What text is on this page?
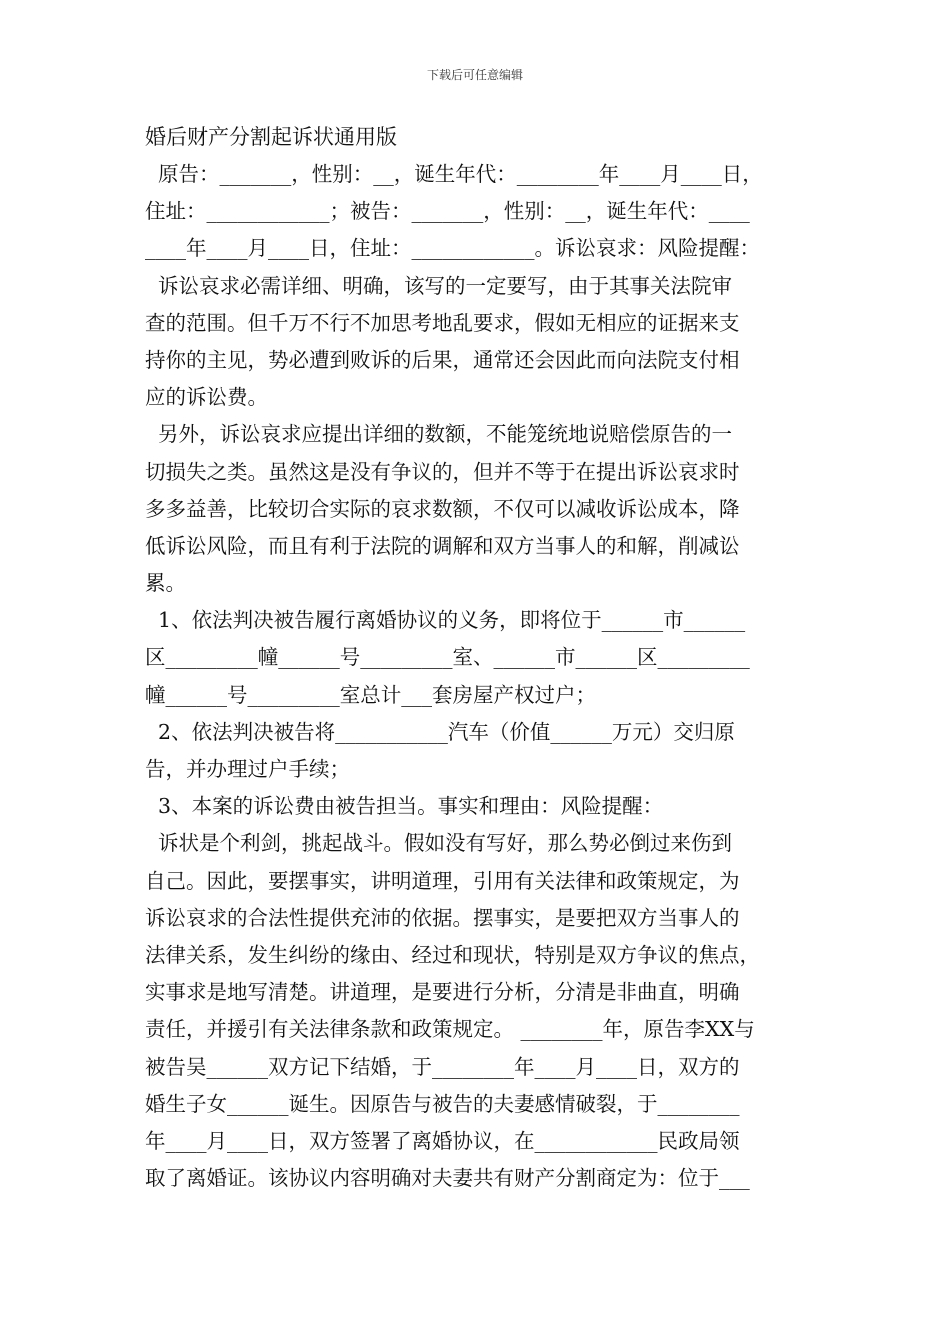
下载后可任意编辑
婚后财产分割起诉状通用版
原告：_______，性别：__，诞生年代：________年____月____日，
住址：____________；被告：_______，性别：__，诞生年代：____
____年____月____日，住址：____________。诉讼哀求：风险提醒：
诉讼哀求必需详细、明确，该写的一定要写，由于其事关法院审
查的范围。但千万不行不加思考地乱要求，假如无相应的证据来支
持你的主见，势必遭到败诉的后果，通常还会因此而向法院支付相
应的诉讼费。
另外，诉讼哀求应提出详细的数额，不能笼统地说赔偿原告的一
切损失之类。虽然这是没有争议的，但并不等于在提出诉讼哀求时
多多益善，比较切合实际的哀求数额，不仅可以减收诉讼成本，降
低诉讼风险，而且有利于法院的调解和双方当事人的和解，削减讼
累。
1、依法判决被告履行离婚协议的义务，即将位于______市______
区_________幢______号_________室、______市______区_________
幢______号_________室总计___套房屋产权过户；
2、依法判决被告将___________汽车（价值______万元）交归原
告，并办理过户手续；
3、本案的诉讼费由被告担当。事实和理由：风险提醒：
诉状是个利剑，挑起战斗。假如没有写好，那么势必倒过来伤到
自己。因此，要摆事实，讲明道理，引用有关法律和政策规定，为
诉讼哀求的合法性提供充沛的依据。摆事实，是要把双方当事人的
法律关系，发生纠纷的缘由、经过和现状，特别是双方争议的焦点，
实事求是地写清楚。讲道理，是要进行分析，分清是非曲直，明确
责任，并援引有关法律条款和政策规定。 ________年，原告李XX与
被告吴______双方记下结婚，于________年____月____日，双方的
婚生子女______诞生。因原告与被告的夫妻感情破裂，于________
年____月____日，双方签署了离婚协议，在____________民政局领
取了离婚证。该协议内容明确对夫妻共有财产分割商定为：位于___
